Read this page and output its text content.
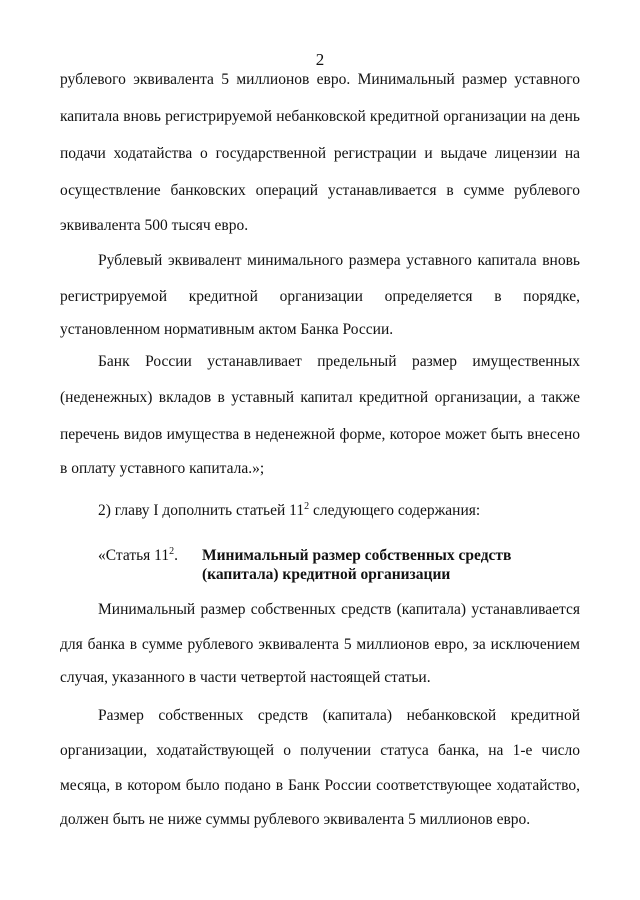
2
рублевого эквивалента 5 миллионов евро. Минимальный размер уставного
капитала вновь регистрируемой небанковской кредитной организации на день
подачи ходатайства о государственной регистрации и выдаче лицензии на
осуществление банковских операций устанавливается в сумме рублевого
эквивалента 500 тысяч евро.
Рублевый эквивалент минимального размера уставного капитала вновь
регистрируемой кредитной организации определяется в порядке,
установленном нормативным актом Банка России.
Банк России устанавливает предельный размер имущественных
(неденежных) вкладов в уставный капитал кредитной организации, а также
перечень видов имущества в неденежной форме, которое может быть внесено
в оплату уставного капитала.»;
2) главу I дополнить статьей $11^2$ следующего содержания:
«Статья $11^2$. Минимальный размер собственных средств
(капитала) кредитной организации
Минимальный размер собственных средств (капитала) устанавливается
для банка в сумме рублевого эквивалента 5 миллионов евро, за исключением
случая, указанного в части четвертой настоящей статьи.
Размер собственных средств (капитала) небанковской кредитной
организации, ходатайствующей о получении статуса банка, на 1-е число
месяца, в котором было подано в Банк России соответствующее ходатайство,
должен быть не ниже суммы рублевого эквивалента 5 миллионов евро.
